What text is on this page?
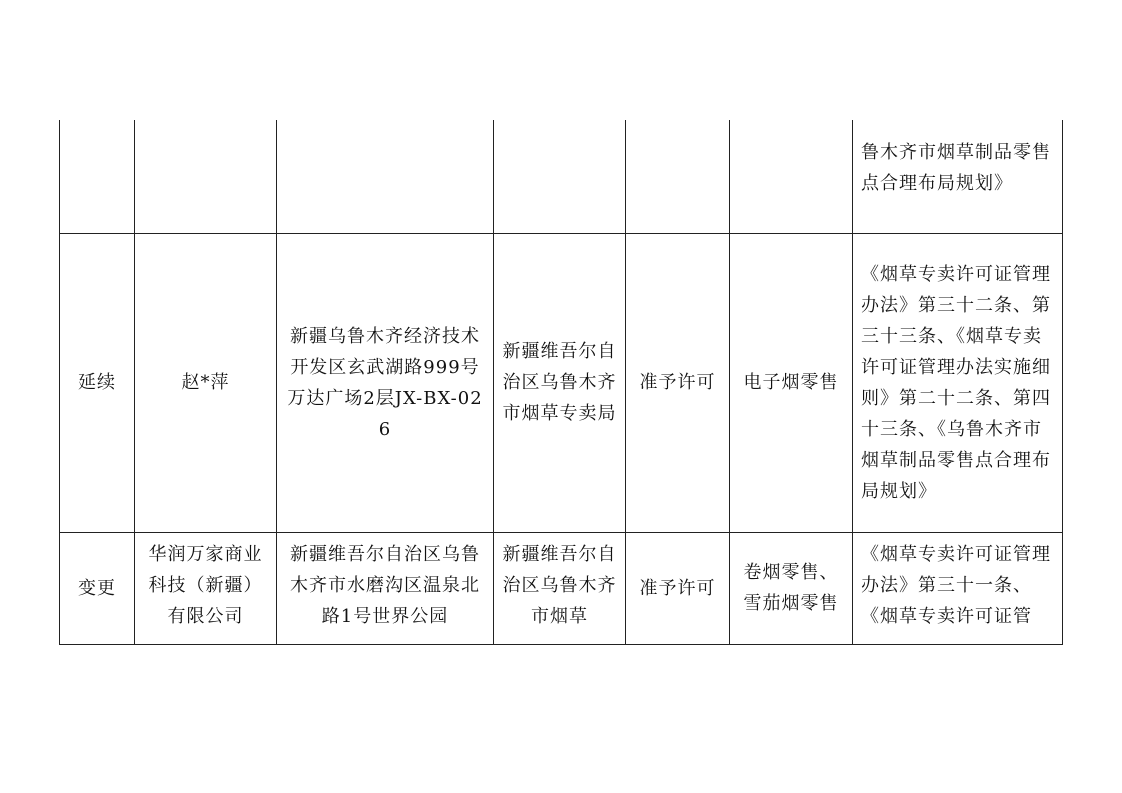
						鲁木齐市烟草制品零售点合理布局规划》
延续	赵*萍	新疆乌鲁木齐经济技术开发区玄武湖路999号万达广场2层JX-BX-026	新疆维吾尔自治区乌鲁木齐市烟草专卖局	准予许可	电子烟零售	《烟草专卖许可证管理办法》第三十二条、第三十三条、《烟草专卖许可证管理办法实施细则》第二十二条、第四十三条、《乌鲁木齐市烟草制品零售点合理布局规划》
变更	华润万家商业科技（新疆）有限公司	新疆维吾尔自治区乌鲁木齐市水磨沟区温泉北路1号世界公园	新疆维吾尔自治区乌鲁木齐市烟草	准予许可	卷烟零售、雪茄烟零售	《烟草专卖许可证管理办法》第三十一条、《烟草专卖许可证管
